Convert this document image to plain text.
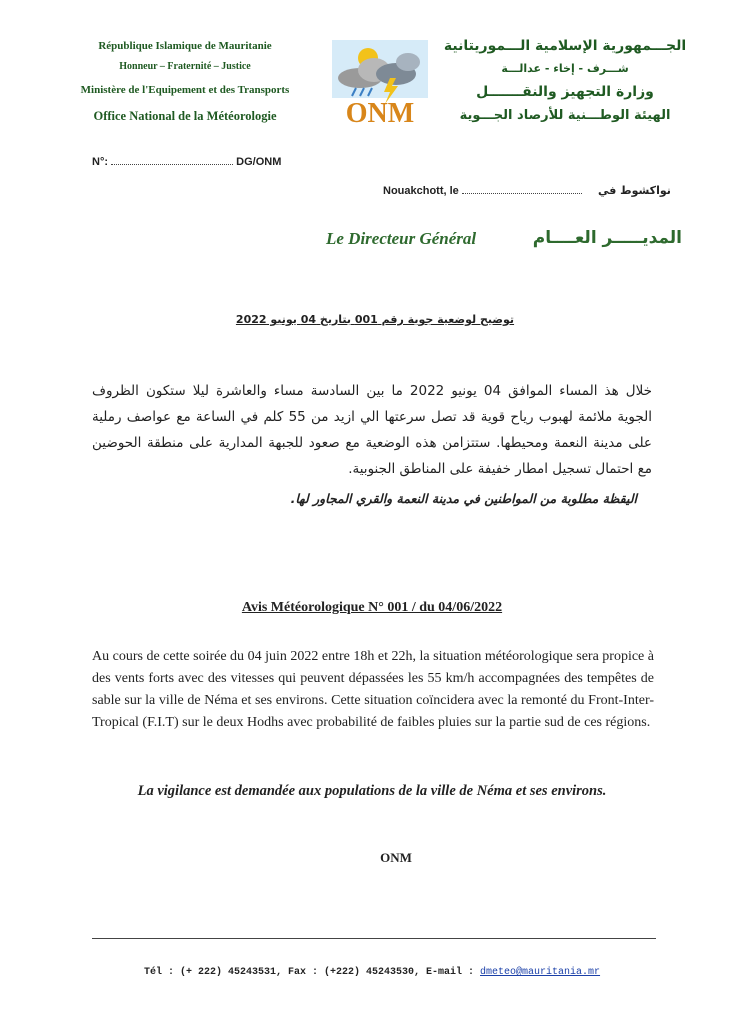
République Islamique de Mauritanie
Honneur – Fraternité – Justice
Ministère de l'Equipement et des Transports
Office National de la Météorologie	ONM
الجـــمهورية الإسلامية الـــموريتانية
شـــرف - إخاء - عدالـــة
وزارة التجهيز والنقـــــــل
الهيئة الوطـــنية للأرصاد الجـــوية
N°:	DG/ONM
Nouakchott, le	نواكشوط في
Le Directeur Général	المديـــــر العــــام
توضيح لوضعية جوية رقم 001 بتاريخ 04 يونيو 2022
خلال هذ المساء الموافق 04 يونيو 2022 ما بين السادسة مساء والعاشرة ليلا ستكون الظروف الجوية ملائمة لهبوب رياح قوية قد تصل سرعتها الي ازيد من 55 كلم في الساعة مع عواصف رملية على مدينة النعمة ومحيطها. ستتزامن هذه الوضعية مع صعود للجبهة المدارية على منطقة الحوضين مع احتمال تسجيل امطار خفيفة على المناطق الجنوبية.
اليقظة مطلوبة من المواطنين في مدينة النعمة والقري المجاور لها.
Avis Météorologique N° 001 / du 04/06/2022
Au cours de cette soirée du 04 juin 2022 entre 18h et 22h, la situation météorologique sera propice à des vents forts avec des vitesses qui peuvent dépassées les 55 km/h accompagnées des tempêtes de sable sur la ville de Néma et ses environs. Cette situation coïncidera avec la remonté du Front-Inter-Tropical (F.I.T) sur le deux Hodhs avec probabilité de faibles pluies sur la partie sud de ces régions.
La vigilance est demandée aux populations de la ville de Néma et ses environs.
ONM
Tél : (+ 222) 45243531, Fax : (+222) 45243530, E-mail : dmeteo@mauritania.mr
